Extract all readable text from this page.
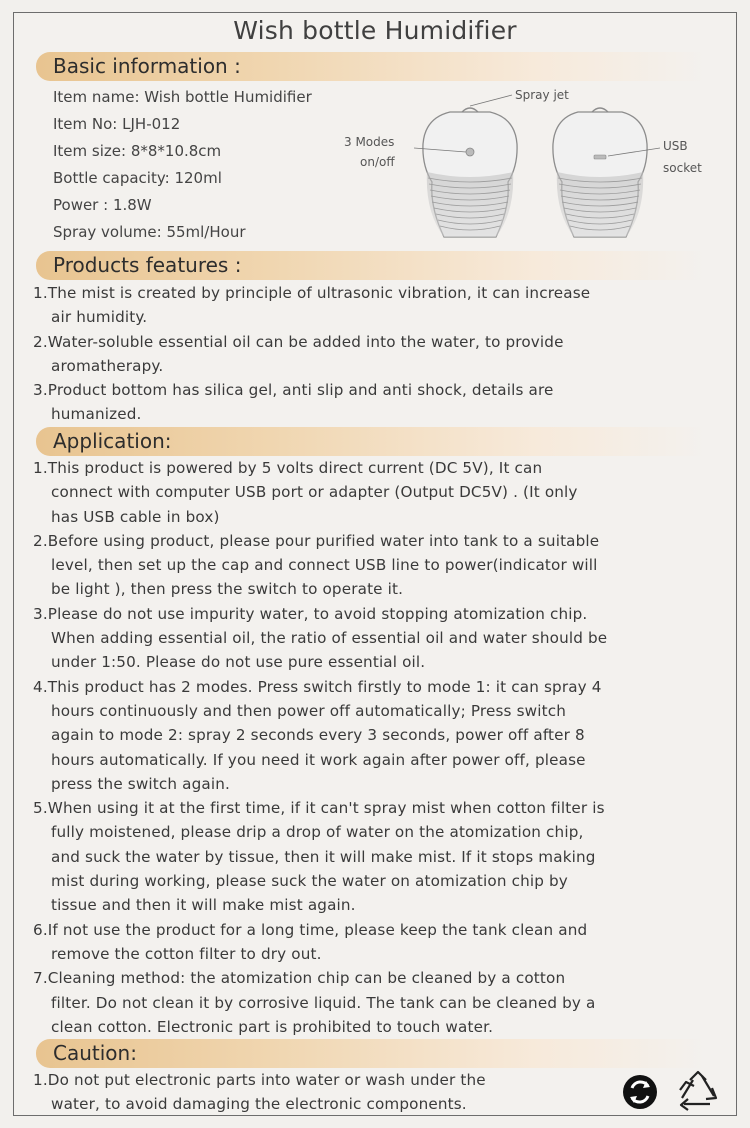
Wish bottle Humidifier
Basic information :
Item name: Wish bottle Humidifier
Item No: LJH-012
Item size: 8*8*10.8cm
Bottle capacity: 120ml
Power : 1.8W
Spray volume: 55ml/Hour
Spray jet
3 Modes
on/off
USB
socket
Products features :
1.The mist is created by principle of ultrasonic vibration, it can increase
air humidity.
2.Water-soluble essential oil can be added into the water, to provide
aromatherapy.
3.Product bottom has silica gel, anti slip and anti shock, details are
humanized.
Application:
1.This product is powered by 5 volts direct current (DC 5V), It can
connect with computer USB port or adapter (Output DC5V) . (It only
has USB cable in box)
2.Before using product, please pour purified water into tank to a suitable
level, then set up the cap and connect USB line to power(indicator will
be light ), then press the switch to operate it.
3.Please do not use impurity water, to avoid stopping atomization chip.
When adding essential oil, the ratio of essential oil and water should be
under 1:50. Please do not use pure essential oil.
4.This product has 2 modes. Press switch firstly to mode 1: it can spray 4
hours continuously and then power off automatically; Press switch
again to mode 2: spray 2 seconds every 3 seconds, power off after 8
hours automatically. If you need it work again after power off, please
press the switch again.
5.When using it at the first time, if it can't spray mist when cotton filter is
fully moistened, please drip a drop of water on the atomization chip,
and suck the water by tissue, then it will make mist. If it stops making
mist during working, please suck the water on atomization chip by
tissue and then it will make mist again.
6.If not use the product for a long time, please keep the tank clean and
remove the cotton filter to dry out.
7.Cleaning method: the atomization chip can be cleaned by a cotton
filter. Do not clean it by corrosive liquid. The tank can be cleaned by a
clean cotton. Electronic part is prohibited to touch water.
Caution:
1.Do not put electronic parts into water or wash under the
water, to avoid damaging the electronic components.
